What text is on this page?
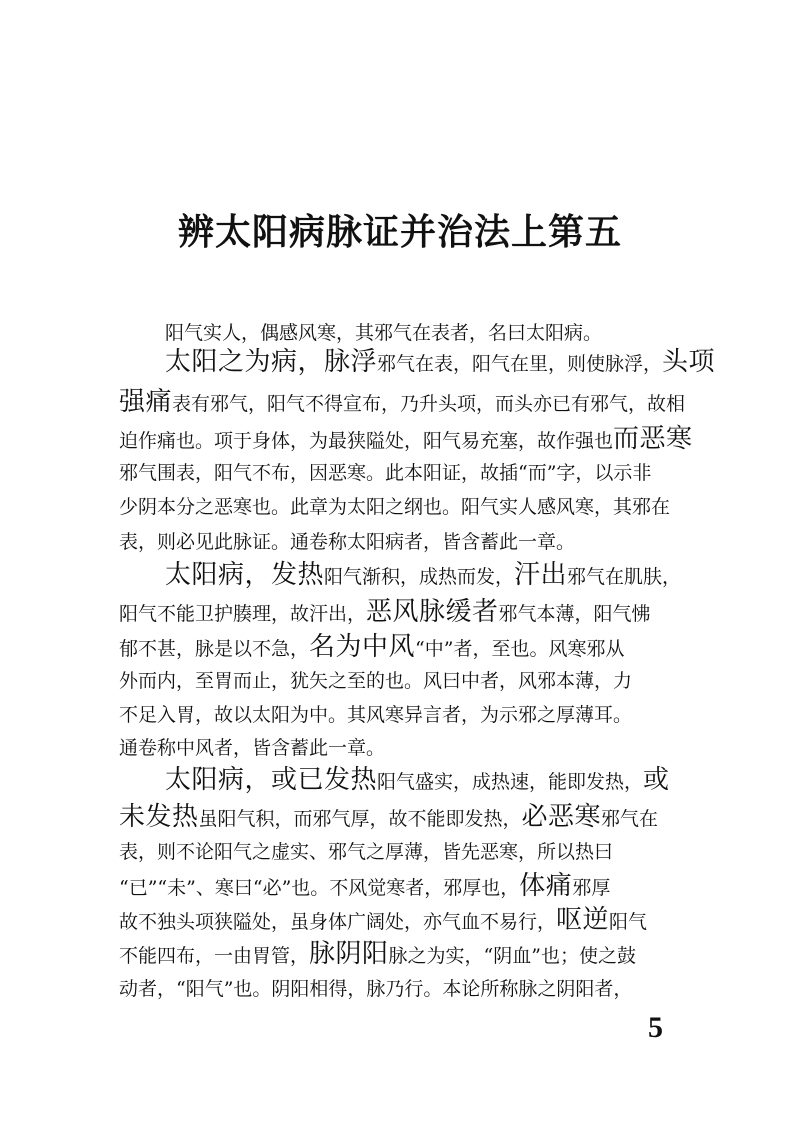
辨太阳病脉证并治法上第五
阳气实人，偶感风寒，其邪气在表者，名曰太阳病。
太阳之为病，脉浮邪气在表，阳气在里，则使脉浮，头项
强痛表有邪气，阳气不得宣布，乃升头项，而头亦已有邪气，故相
迫作痛也。项于身体，为最狭隘处，阳气易充塞，故作强也而恶寒
邪气围表，阳气不布，因恶寒。此本阳证，故插“而”字，以示非
少阴本分之恶寒也。此章为太阳之纲也。阳气实人感风寒，其邪在
表，则必见此脉证。通卷称太阳病者，皆含蓄此一章。
太阳病，发热阳气渐积，成热而发，汗出邪气在肌肤，
阳气不能卫护腠理，故汗出，恶风脉缓者邪气本薄，阳气怫
郁不甚，脉是以不急，名为中风“中”者，至也。风寒邪从
外而内，至胃而止，犹矢之至的也。风曰中者，风邪本薄，力
不足入胃，故以太阳为中。其风寒异言者，为示邪之厚薄耳。
通卷称中风者，皆含蓄此一章。
太阳病，或已发热阳气盛实，成热速，能即发热，或
未发热虽阳气积，而邪气厚，故不能即发热，必恶寒邪气在
表，则不论阳气之虚实、邪气之厚薄，皆先恶寒，所以热曰
“已”“未”、寒曰“必”也。不风觉寒者，邪厚也，体痛邪厚
故不独头项狭隘处，虽身体广阔处，亦气血不易行，呕逆阳气
不能四布，一由胃管，脉阴阳脉之为实，“阴血”也；使之鼓
动者，“阳气”也。阴阳相得，脉乃行。本论所称脉之阴阳者，
5
